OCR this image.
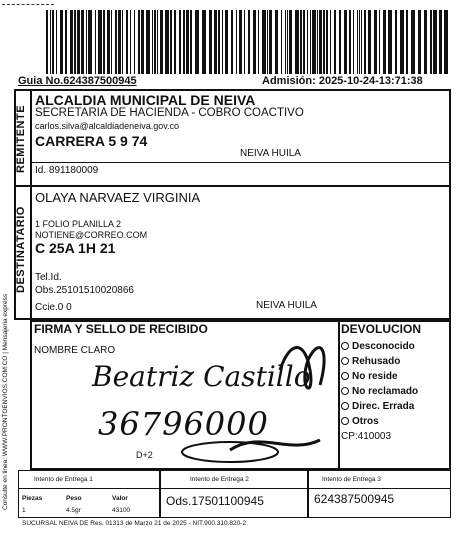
Guia No.624387500945	Admisión: 2025-10-24-13:71:38
Consulte en linea: WWW.PRONTOENVIOS.COM.CO | Mensajeria express
REMITENTE
ALCALDIA MUNICIPAL DE NEIVA
SECRETARIA DE HACIENDA - COBRO COACTIVO
carlos.silva@alcaldiadeneiva.gov.co
CARRERA 5 9 74
NEIVA HUILA
Id. 891180009
DESTINATARIO
OLAYA NARVAEZ VIRGINIA
1 FOLIO PLANILLA 2
NOTIENE@CORREO.COM
C 25A 1H 21
Tel.Id.
Obs.25101510020866
Ccie.0 0	NEIVA HUILA
FIRMA Y SELLO DE RECIBIDO
NOMBRE CLARO
Beatriz Castillo
36796000
D+2
DEVOLUCION
Desconocido
Rehusado
No reside
No reclamado
Direc. Errada
Otros
CP:410003
Intento de Entrega 1
Piezas
1
Peso
4.5gr
Valor
43100
Intento de Entrega 2
Ods.17501100945
Intento de Entrega 3
624387500945
SUCURSAL NEIVA DE Res. 01313 de Marzo 21 de 2025 - NIT.900.310.820-2
